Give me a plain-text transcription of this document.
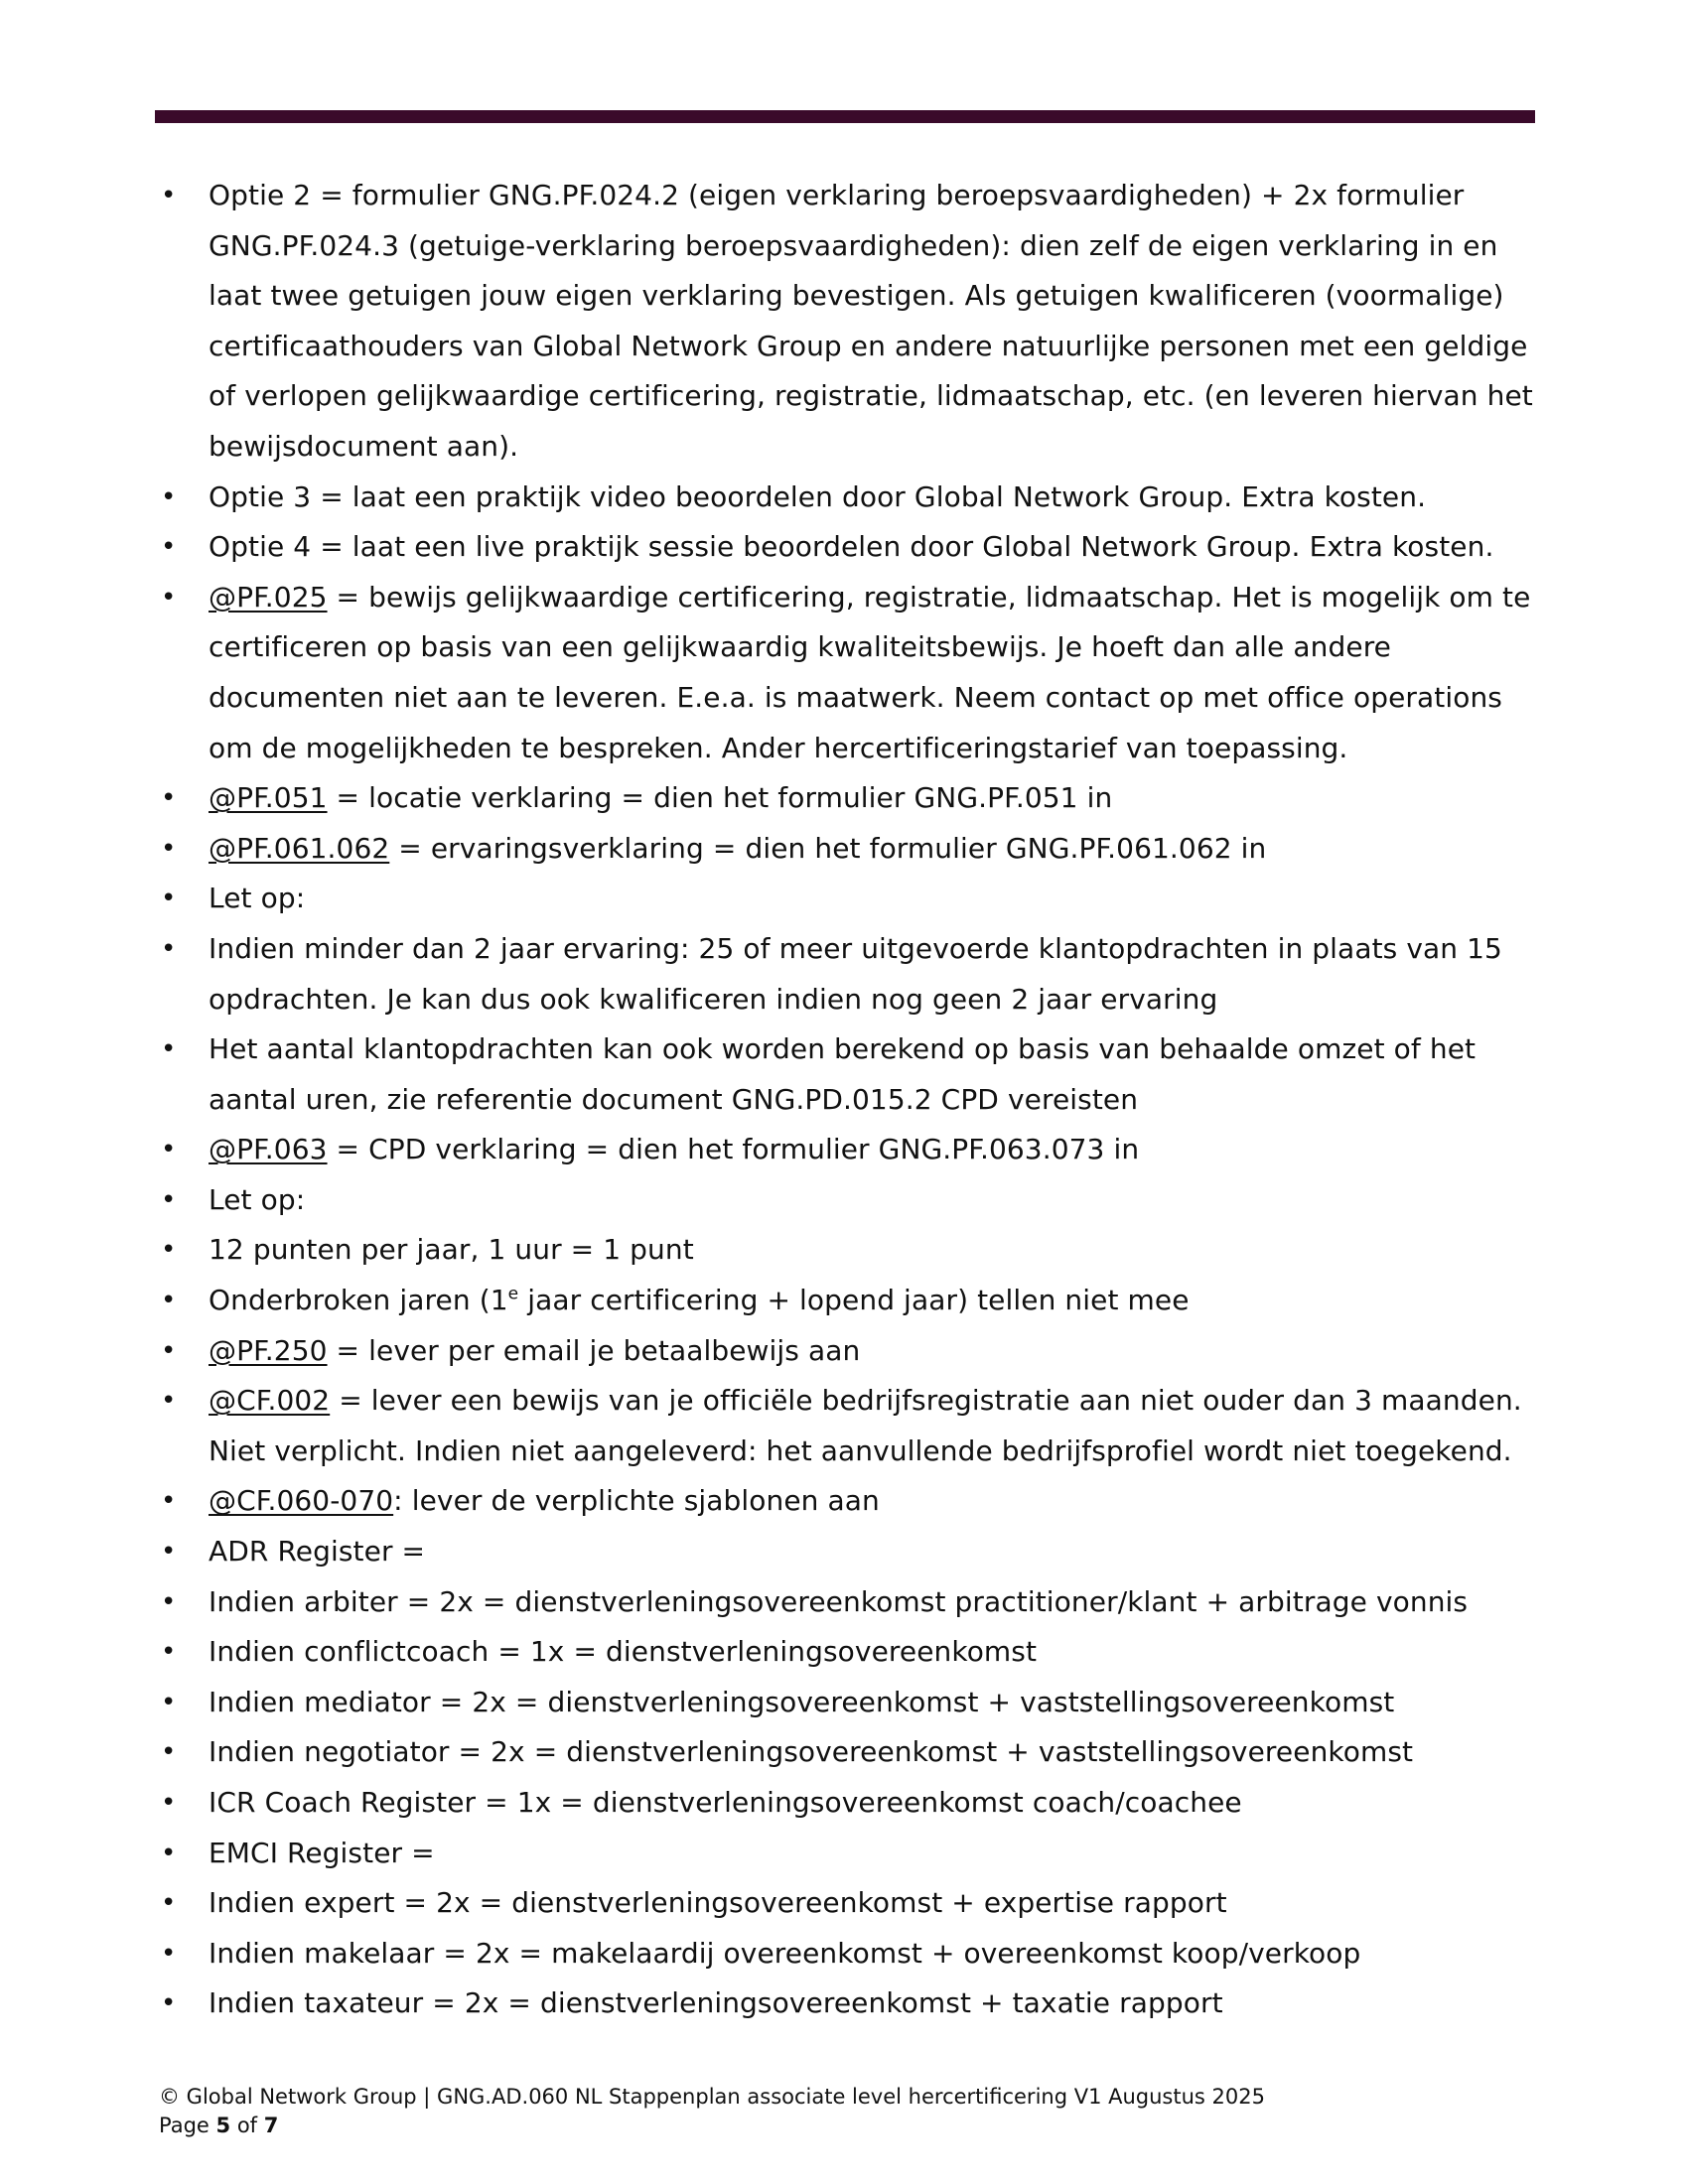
• Optie 2 = formulier GNG.PF.024.2 (eigen verklaring beroepsvaardigheden) + 2x formulier GNG.PF.024.3 (getuige-verklaring beroepsvaardigheden): dien zelf de eigen verklaring in en laat twee getuigen jouw eigen verklaring bevestigen. Als getuigen kwalificeren (voormalige) certificaathouders van Global Network Group en andere natuurlijke personen met een geldige of verlopen gelijkwaardige certificering, registratie, lidmaatschap, etc. (en leveren hiervan het bewijsdocument aan).
• Optie 3 = laat een praktijk video beoordelen door Global Network Group. Extra kosten.
• Optie 4 = laat een live praktijk sessie beoordelen door Global Network Group. Extra kosten.
• @PF.025 = bewijs gelijkwaardige certificering, registratie, lidmaatschap. Het is mogelijk om te certificeren op basis van een gelijkwaardig kwaliteitsbewijs. Je hoeft dan alle andere documenten niet aan te leveren. E.e.a. is maatwerk. Neem contact op met office operations om de mogelijkheden te bespreken. Ander hercertificeringstarief van toepassing.
• @PF.051 = locatie verklaring = dien het formulier GNG.PF.051 in
• @PF.061.062 = ervaringsverklaring = dien het formulier GNG.PF.061.062 in
• Let op:
• Indien minder dan 2 jaar ervaring: 25 of meer uitgevoerde klantopdrachten in plaats van 15 opdrachten. Je kan dus ook kwalificeren indien nog geen 2 jaar ervaring
• Het aantal klantopdrachten kan ook worden berekend op basis van behaalde omzet of het aantal uren, zie referentie document GNG.PD.015.2 CPD vereisten
• @PF.063 = CPD verklaring = dien het formulier GNG.PF.063.073 in
• Let op:
• 12 punten per jaar, 1 uur = 1 punt
• Onderbroken jaren (1e jaar certificering + lopend jaar) tellen niet mee
• @PF.250 = lever per email je betaalbewijs aan
• @CF.002 = lever een bewijs van je officiële bedrijfsregistratie aan niet ouder dan 3 maanden. Niet verplicht. Indien niet aangeleverd: het aanvullende bedrijfsprofiel wordt niet toegekend.
• @CF.060-070: lever de verplichte sjablonen aan
• ADR Register =
• Indien arbiter = 2x = dienstverleningsovereenkomst practitioner/klant + arbitrage vonnis
• Indien conflictcoach = 1x = dienstverleningsovereenkomst
• Indien mediator = 2x = dienstverleningsovereenkomst + vaststellingsovereenkomst
• Indien negotiator = 2x = dienstverleningsovereenkomst + vaststellingsovereenkomst
• ICR Coach Register = 1x = dienstverleningsovereenkomst coach/coachee
• EMCI Register =
• Indien expert = 2x = dienstverleningsovereenkomst + expertise rapport
• Indien makelaar = 2x = makelaardij overeenkomst + overeenkomst koop/verkoop
• Indien taxateur = 2x = dienstverleningsovereenkomst + taxatie rapport
© Global Network Group | GNG.AD.060 NL Stappenplan associate level hercertificering V1 Augustus 2025
Page 5 of 7
